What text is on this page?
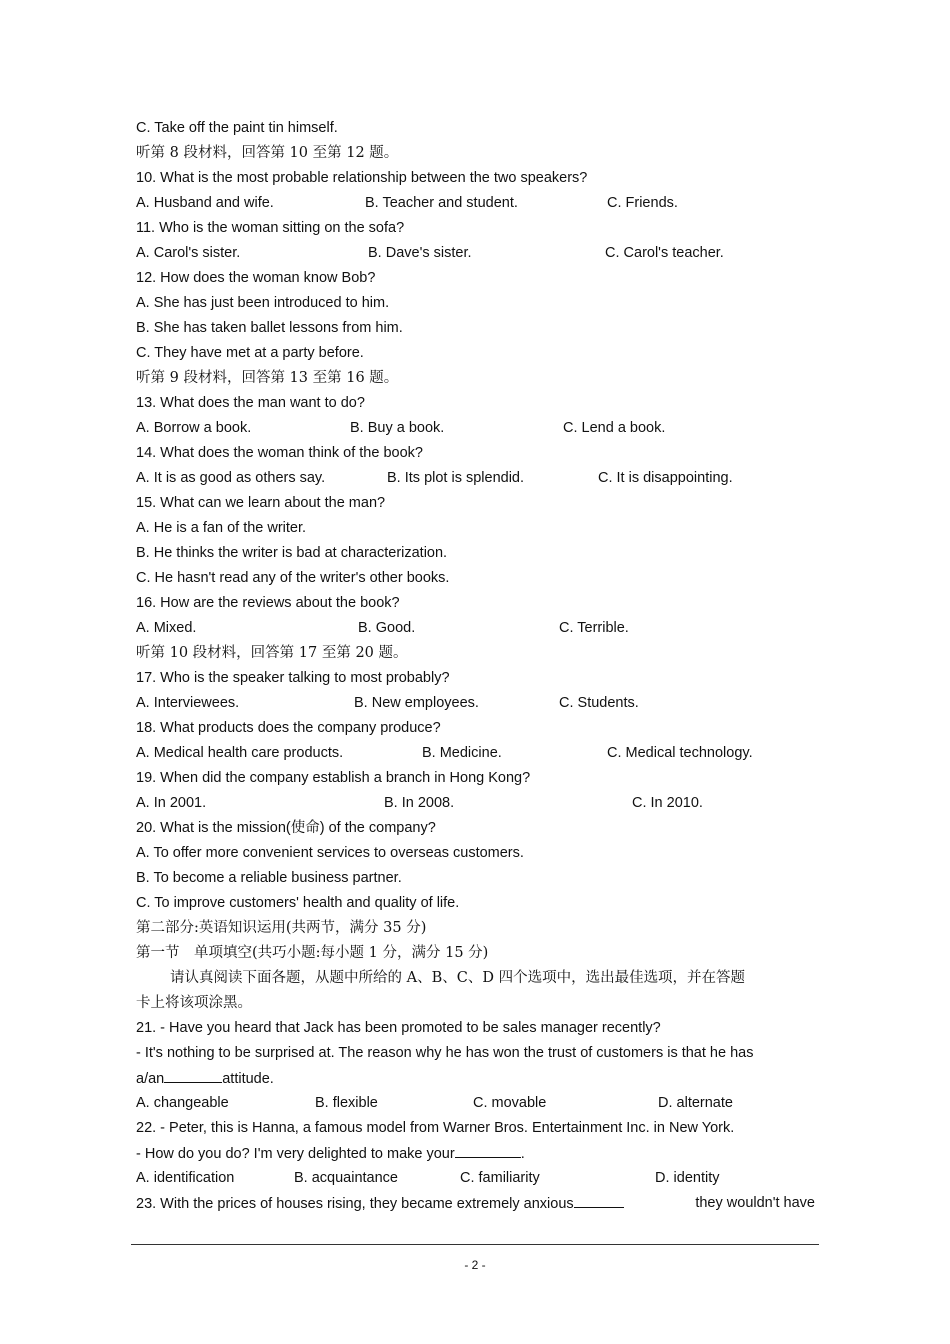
C. Take off the paint tin himself.
听第 8 段材料，回答第 10 至第 12 题。
10. What is the most probable relationship between the two speakers?
A. Husband and wife.	B. Teacher and student.	C. Friends.
11. Who is the woman sitting on the sofa?
A. Carol's sister.	B. Dave's sister.	C. Carol's teacher.
12. How does the woman know Bob?
A. She has just been introduced to him.
B. She has taken ballet lessons from him.
C. They have met at a party before.
听第 9 段材料，回答第 13 至第 16 题。
13. What does the man want to do?
A. Borrow a book.	B. Buy a book.	C. Lend a book.
14. What does the woman think of the book?
A. It is as good as others say.	B. Its plot is splendid.	C. It is disappointing.
15. What can we learn about the man?
A. He is a fan of the writer.
B. He thinks the writer is bad at characterization.
C. He hasn't read any of the writer's other books.
16. How are the reviews about the book?
A. Mixed.	B. Good.	C. Terrible.
听第 10 段材料，回答第 17 至第 20 题。
17. Who is the speaker talking to most probably?
A. Interviewees.	B. New employees.	C. Students.
18. What products does the company produce?
A. Medical health care products.	B. Medicine.	C. Medical technology.
19. When did the company establish a branch in Hong Kong?
A. In 2001.	B. In 2008.	C. In 2010.
20. What is the mission(使命) of the company?
A. To offer more convenient services to overseas customers.
B. To become a reliable business partner.
C. To improve customers' health and quality of life.
第二部分:英语知识运用(共两节，满分 35 分)
第一节　单项填空(共巧小题:每小题 1 分，满分 15 分)
请认真阅读下面各题，从题中所给的 A、B、C、D 四个选项中，选出最佳选项，并在答题
卡上将该项涂黑。
21. - Have you heard that Jack has been promoted to be sales manager recently?
- It's nothing to be surprised at. The reason why he has won the trust of customers is that he has
a/an	attitude.
A. changeable	B. flexible	C. movable	D. alternate
22. - Peter, this is Hanna, a famous model from Warner Bros. Entertainment Inc. in New York.
- How do you do? I'm very delighted to make your	.
A. identification	B. acquaintance	C. familiarity	D. identity
23. With the prices of houses rising, they became extremely anxious	they wouldn't have
- 2 -
